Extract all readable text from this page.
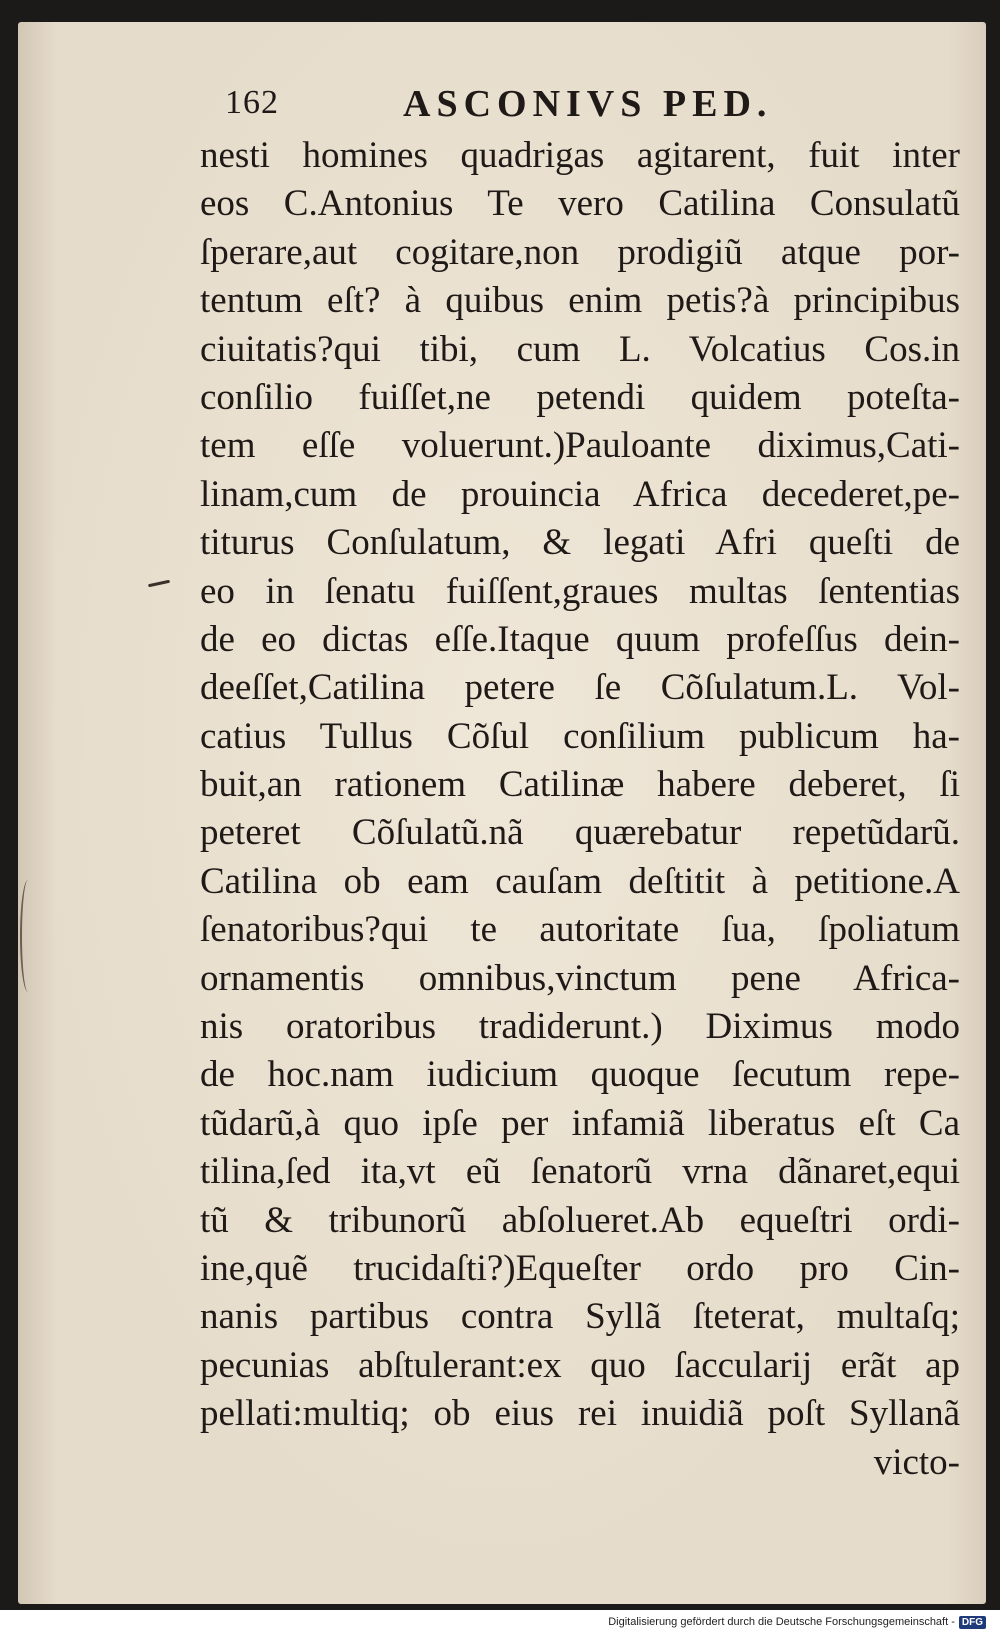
162	ASCONIVS PED.
nesti homines quadrigas agitarent, fuit inter
eos C.Antonius Te vero Catilina Consulatũ
ſperare,aut cogitare,non prodigiũ atque por-
tentum eſt? à quibus enim petis?à principibus
ciuitatis?qui tibi, cum L. Volcatius Cos.in
conſilio fuiſſet,ne petendi quidem poteſta-
tem eſſe voluerunt.)Pauloante diximus,Cati-
linam,cum de prouincia Africa decederet,pe-
titurus Conſulatum, & legati Afri queſti de
eo in ſenatu fuiſſent,graues multas ſententias
de eo dictas eſſe.Itaque quum profeſſus dein-
deeſſet,Catilina petere ſe Cõſulatum.L. Vol-
catius Tullus Cõſul conſilium publicum ha-
buit,an rationem Catilinæ habere deberet, ſi
peteret Cõſulatũ.nã quærebatur repetũdarũ.
Catilina ob eam cauſam deſtitit à petitione.A
ſenatoribus?qui te autoritate ſua, ſpoliatum
ornamentis omnibus,vinctum pene Africa-
nis oratoribus tradiderunt.) Diximus modo
de hoc.nam iudicium quoque ſecutum repe-
tũdarũ,à quo ipſe per infamiã liberatus eſt Ca
tilina,ſed ita,vt eũ ſenatorũ vrna dãnaret,equi
tũ & tribunorũ abſolueret.Ab equeſtri ordi-
ine,quẽ trucidaſti?)Equeſter ordo pro Cin-
nanis partibus contra Syllã ſteterat, multaſq;
pecunias abſtulerant:ex quo ſaccularij erãt ap
pellati:multiq; ob eius rei inuidiã poſt Syllanã
victo-
Digitalisierung gefördert durch die Deutsche Forschungsgemeinschaft - DFG
